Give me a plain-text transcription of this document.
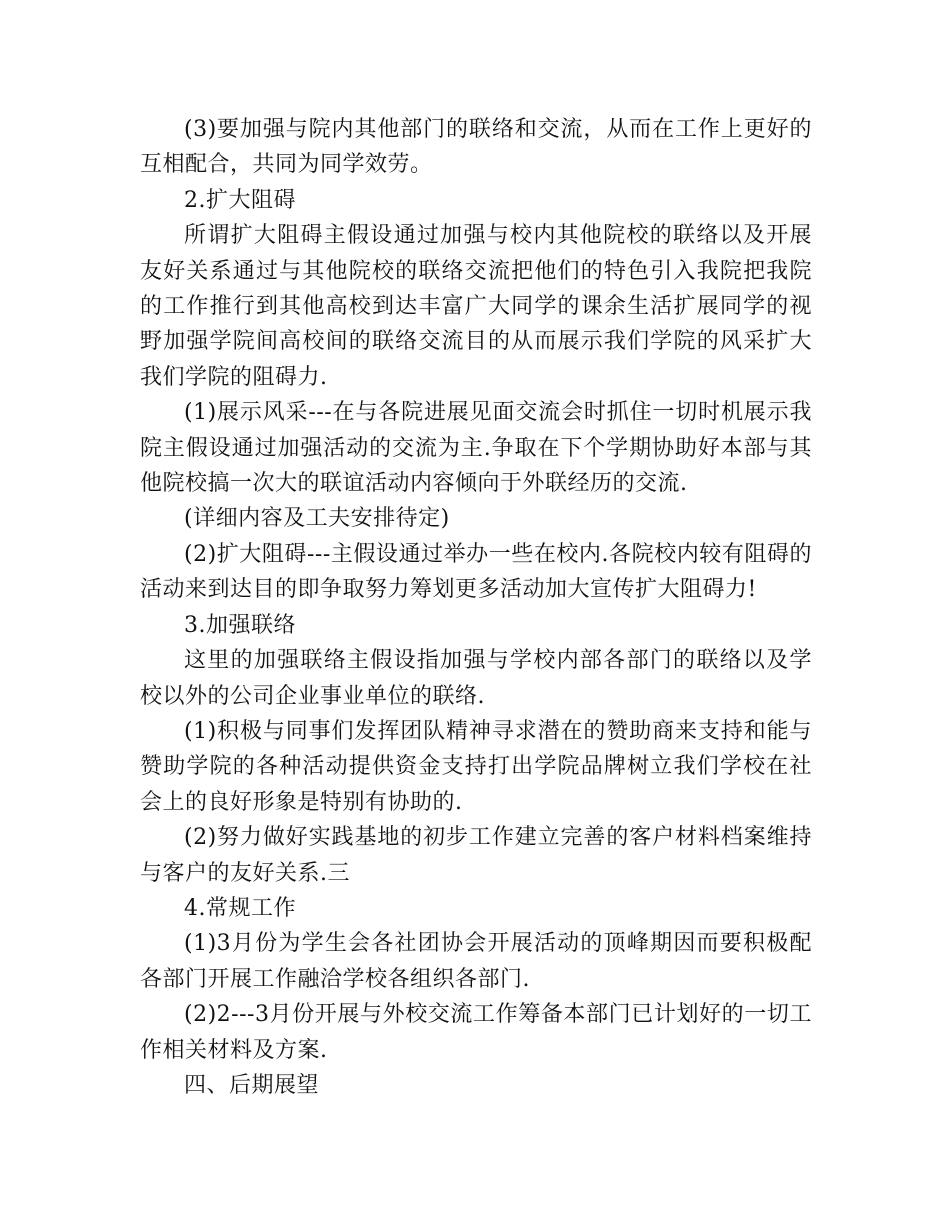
(3)要加强与院内其他部门的联络和交流，从而在工作上更好的互相配合，共同为同学效劳。

2.扩大阻碍

所谓扩大阻碍主假设通过加强与校内其他院校的联络以及开展友好关系通过与其他院校的联络交流把他们的特色引入我院把我院的工作推行到其他高校到达丰富广大同学的课余生活扩展同学的视野加强学院间高校间的联络交流目的从而展示我们学院的风采扩大我们学院的阻碍力.

(1)展示风采---在与各院进展见面交流会时抓住一切时机展示我院主假设通过加强活动的交流为主.争取在下个学期协助好本部与其他院校搞一次大的联谊活动内容倾向于外联经历的交流.

(详细内容及工夫安排待定)

(2)扩大阻碍---主假设通过举办一些在校内.各院校内较有阻碍的活动来到达目的即争取努力筹划更多活动加大宣传扩大阻碍力!

3.加强联络

这里的加强联络主假设指加强与学校内部各部门的联络以及学校以外的公司企业事业单位的联络.

(1)积极与同事们发挥团队精神寻求潜在的赞助商来支持和能与赞助学院的各种活动提供资金支持打出学院品牌树立我们学校在社会上的良好形象是特别有协助的.

(2)努力做好实践基地的初步工作建立完善的客户材料档案维持与客户的友好关系.三

4.常规工作

(1)3月份为学生会各社团协会开展活动的顶峰期因而要积极配各部门开展工作融洽学校各组织各部门.

(2)2---3月份开展与外校交流工作筹备本部门已计划好的一切工作相关材料及方案.

四、后期展望
